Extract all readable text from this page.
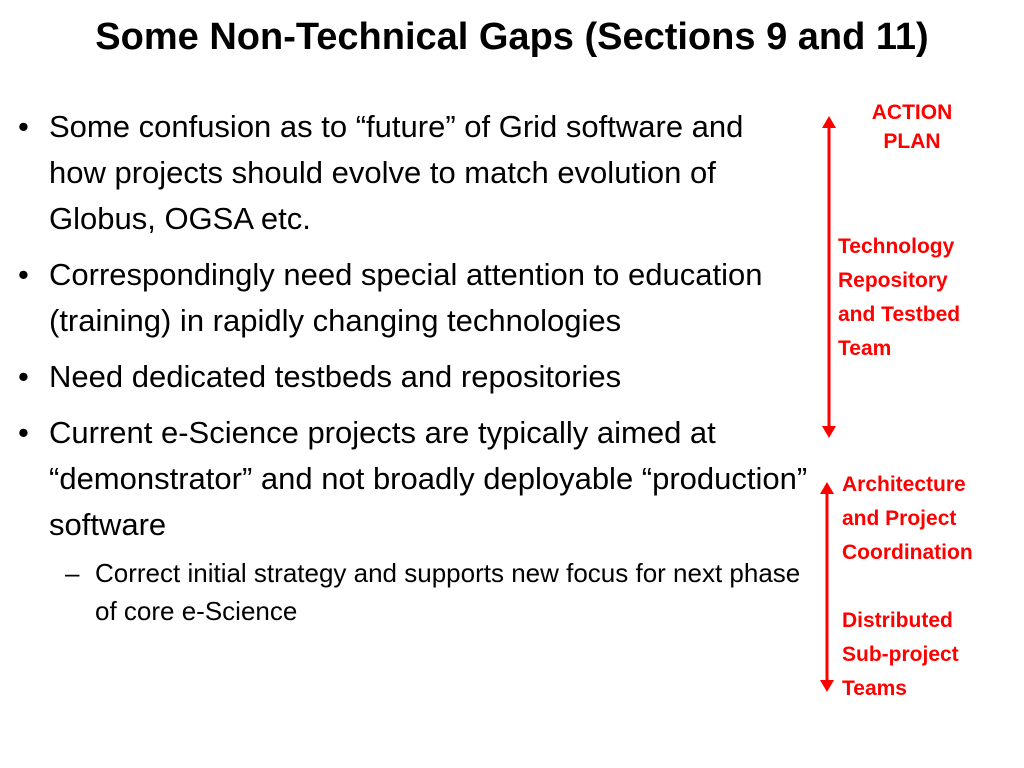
Some Non-Technical Gaps (Sections 9 and 11)
• Some confusion as to “future” of Grid software and how projects should evolve to match evolution of Globus, OGSA etc.
• Correspondingly need special attention to education (training) in rapidly changing technologies
• Need dedicated testbeds and repositories
• Current e-Science projects are typically aimed at “demonstrator” and not broadly deployable “production” software
– Correct initial strategy and supports new focus for next phase of core e-Science
ACTION
PLAN
Technology
Repository
and Testbed
Team
Architecture
and Project
Coordination

Distributed
Sub-project
Teams
